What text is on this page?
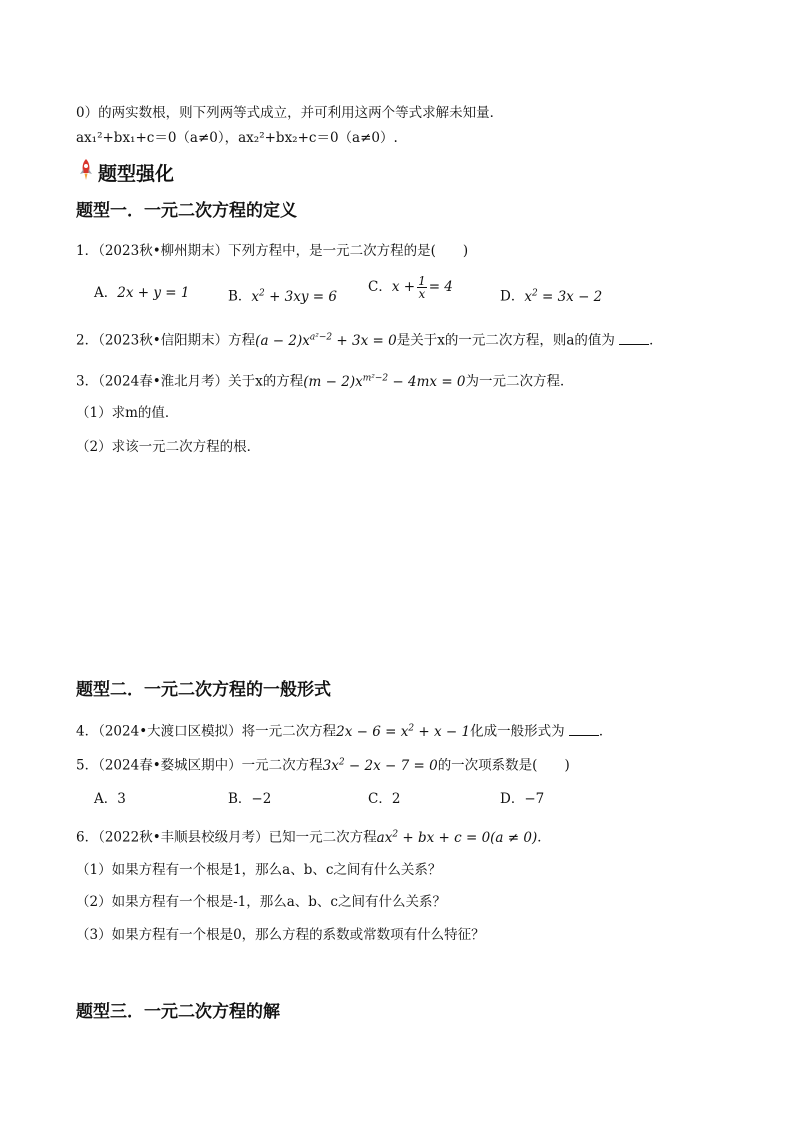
0）的两实数根，则下列两等式成立，并可利用这两个等式求解未知量．
ax₁²+bx₁+c＝0（a≠0），ax₂²+bx₂+c＝0（a≠0）.
题型强化
题型一．一元二次方程的定义
1．（2023秋•柳州期末）下列方程中，是一元二次方程的是(　　)
A．2x + y = 1	B．$x^2 + 3xy = 6$
C．$x + \frac{1}{x} = 4$
D．$x^2 = 3x - 2$
2．（2023秋•信阳期末）方程$(a - 2)x^{a^2-2} + 3x = 0$是关于x的一元二次方程，则a的值为	．
3．（2024春•淮北月考）关于x的方程$(m - 2)x^{m^2-2} - 4mx = 0$为一元二次方程．
（1）求m的值．
（2）求该一元二次方程的根．
题型二．一元二次方程的一般形式
4．（2024•大渡口区模拟）将一元二次方程$2x - 6 = x^2 + x - 1$化成一般形式为	．
5．（2024春•婺城区期中）一元二次方程$3x^2 - 2x - 7 = 0$的一次项系数是(　　)
A．3	B．−2	C．2	D．−7
6．（2022秋•丰顺县校级月考）已知一元二次方程$ax^2$ + bx + c = 0(a ≠ 0)．
（1）如果方程有一个根是1，那么a、b、c之间有什么关系？
（2）如果方程有一个根是-1，那么a、b、c之间有什么关系？
（3）如果方程有一个根是0，那么方程的系数或常数项有什么特征？
题型三．一元二次方程的解
